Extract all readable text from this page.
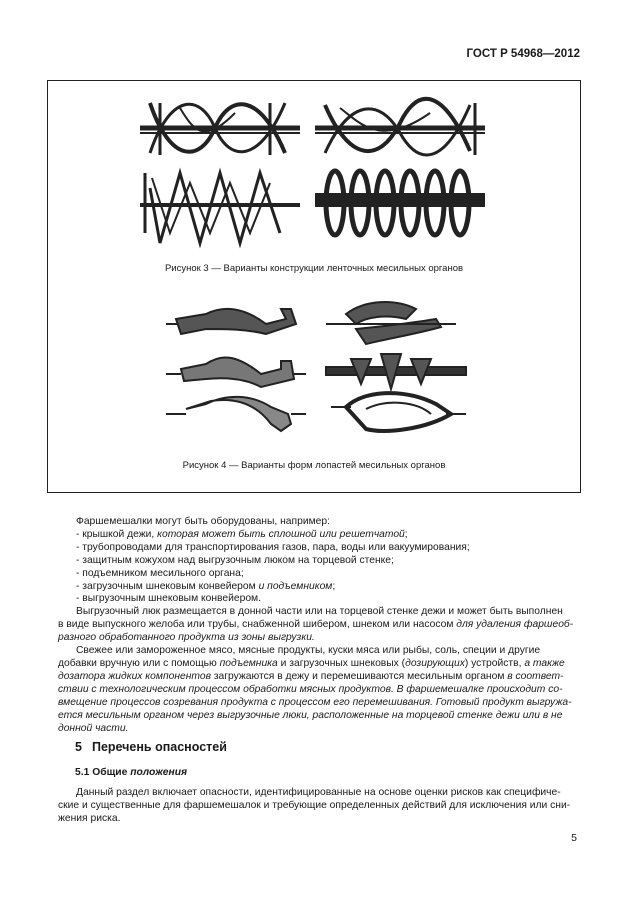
ГОСТ Р 54968—2012
Рисунок 3 — Варианты конструкции ленточных месильных органов
Рисунок 4 — Варианты форм лопастей месильных органов

Фаршемешалки могут быть оборудованы, например:

- крышкой дежи, которая может быть сплошной или решетчатой;
- трубопроводами для транспортирования газов, пара, воды или вакуумирования;
- защитным кожухом над выгрузочным люком на торцевой стенке;
- подъемником месильного органа;
- загрузочным шнековым конвейером и подъемником;
- выгрузочным шнековым конвейером.
Выгрузочный люк размещается в донной части или на торцевой стенке дежи и может быть выполнен
в виде выпускного желоба или трубы, снабженной шибером, шнеком или насосом для удаления фаршеоб-
разного обработанного продукта из зоны выгрузки.
Свежее или замороженное мясо, мясные продукты, куски мяса или рыбы, соль, специи и другие
добавки вручную или с помощью подъемника и загрузочных шнековых (дозирующих) устройств, а также
дозатора жидких компонентов загружаются в дежу и перемешиваются месильным органом в соответ-
ствии с технологическим процессом обработки мясных продуктов. В фаршемешалке происходит со-
вмещение процессов созревания продукта с процессом его перемешивания. Готовый продукт выгружа-
ется месильным органом через выгрузочные люки, расположенные на торцевой стенке дежи или в не
донной части.
5 Перечень опасностей
5.1 Общие положения
Данный раздел включает опасности, идентифицированные на основе оценки рисков как специфиче-
ские и существенные для фаршемешалок и требующие определенных действий для исключения или сни-
жения риска.
5
